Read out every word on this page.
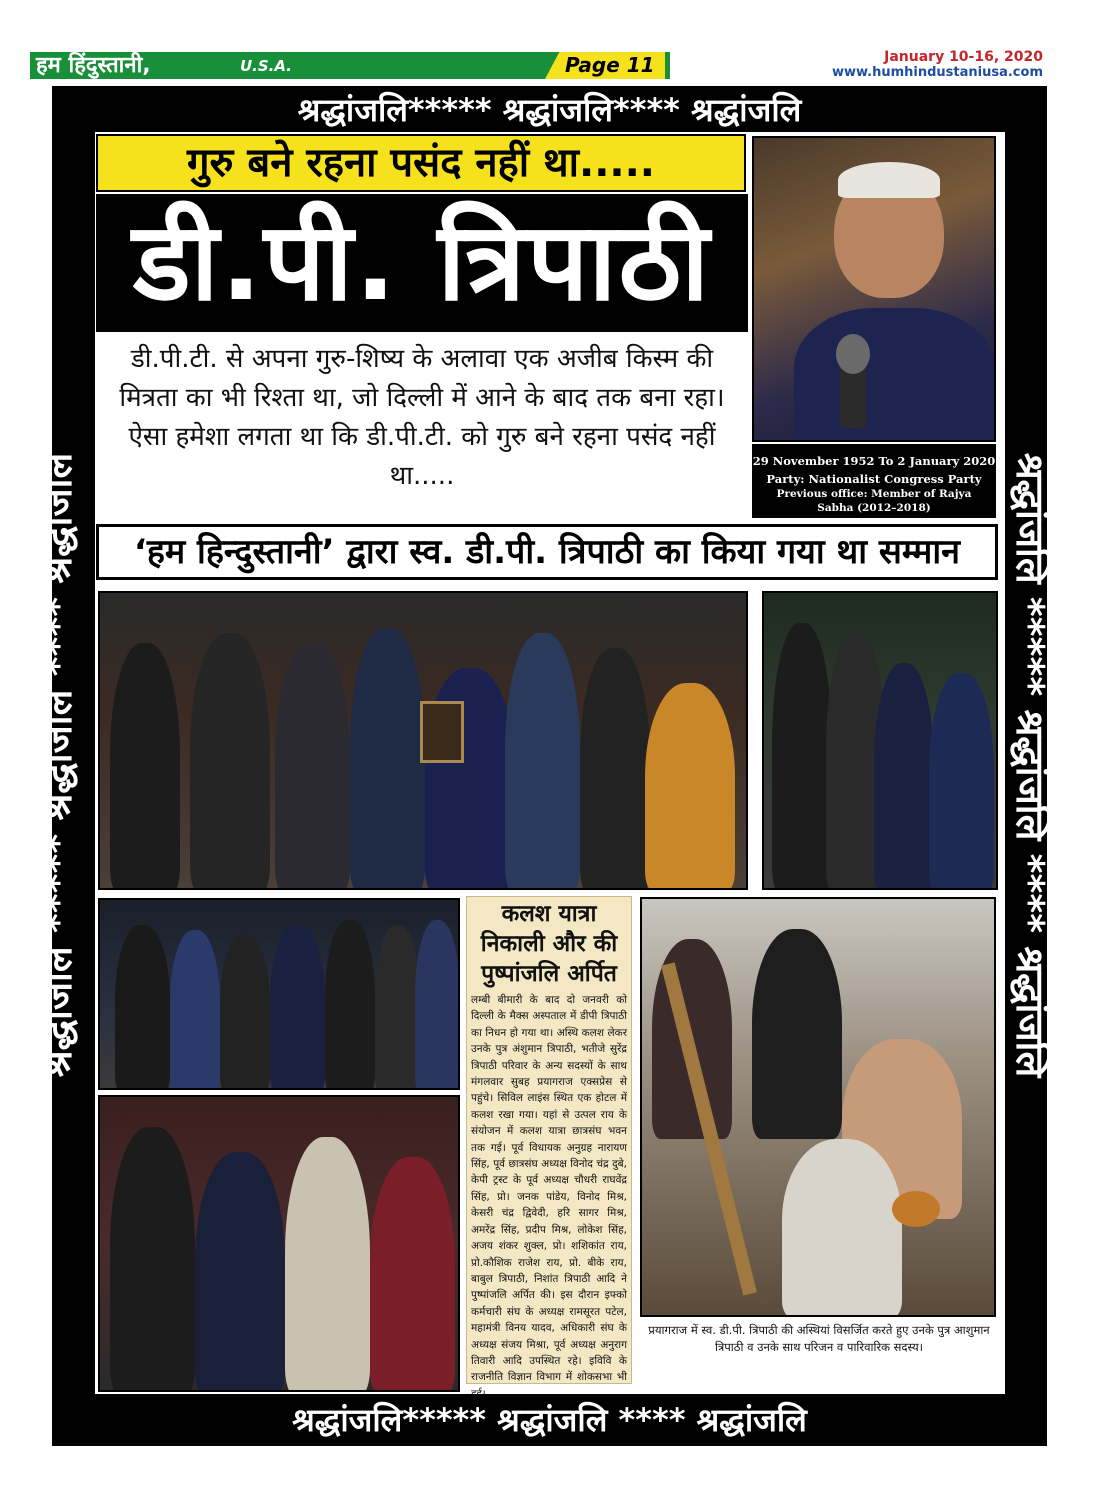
हम हिंदुस्तानी,	U.S.A.	Page 11	January 10-16, 2020
www.humhindustaniusa.com
श्रद्धांजलि***** श्रद्धांजलि**** श्रद्धांजलि
श्रद्धांजलि***** श्रद्धांजलि **** श्रद्धांजलि
श्रद्धांजलि ***** श्रद्धांजलि **** श्रद्धांजलि	श्रद्धांजलि ***** श्रद्धांजलि **** श्रद्धांजलि
गुरु बने रहना पसंद नहीं था.....
डी.पी. त्रिपाठी
डी.पी.टी. से अपना गुरु-शिष्य के अलावा एक अजीब किस्म की मित्रता का भी रिश्ता था, जो दिल्ली में आने के बाद तक बना रहा। ऐसा हमेशा लगता था कि डी.पी.टी. को गुरु बने रहना पसंद नहीं था.....	29 November 1952 To 2 January 2020
Party: Nationalist Congress Party
Previous office: Member of Rajya
Sabha (2012–2018)
‘हम हिन्दुस्तानी’ द्वारा स्व. डी.पी. त्रिपाठी का किया गया था सम्मान
कलश यात्रा निकाली और की पुष्पांजलि अर्पित
लम्बी बीमारी के बाद दो जनवरी को दिल्ली के मैक्स अस्पताल में डीपी त्रिपाठी का निधन हो गया था। अस्थि कलश लेकर उनके पुत्र अंशुमान त्रिपाठी, भतीजे सुरेंद्र त्रिपाठी परिवार के अन्य सदस्यों के साथ मंगलवार सुबह प्रयागराज एक्सप्रेस से पहुंचे। सिविल लाइंस स्थित एक होटल में कलश रखा गया। यहां से उत्पल राय के संयोजन में कलश यात्रा छात्रसंघ भवन तक गई। पूर्व विधायक अनुग्रह नारायण सिंह, पूर्व छात्रसंघ अध्यक्ष विनोद चंद्र दुबे, केपी ट्रस्ट के पूर्व अध्यक्ष चौधरी राघवेंद्र सिंह, प्रो। जनक पांडेय, विनोद मिश्र, केसरी चंद्र द्विवेदी, हरि सागर मिश्र, अमरेंद्र सिंह, प्रदीप मिश्र, लोकेश सिंह, अजय शंकर शुक्ल, प्रो। शशिकांत राय, प्रो.कौशिक राजेश राय, प्रो. बीके राय, बाबुल त्रिपाठी, निशांत त्रिपाठी आदि ने पुष्पांजलि अर्पित की। इस दौरान इफ्को कर्मचारी संघ के अध्यक्ष रामसूरत पटेल, महामंत्री विनय यादव, अधिकारी संघ के अध्यक्ष संजय मिश्रा, पूर्व अध्यक्ष अनुराग तिवारी आदि उपस्थित रहे। इविवि के राजनीति विज्ञान विभाग में शोकसभा भी हुई।
प्रयागराज में स्व. डी.पी. त्रिपाठी की अस्थियां विसर्जित करते हुए उनके पुत्र आशुमान त्रिपाठी व उनके साथ परिजन व पारिवारिक सदस्य।
